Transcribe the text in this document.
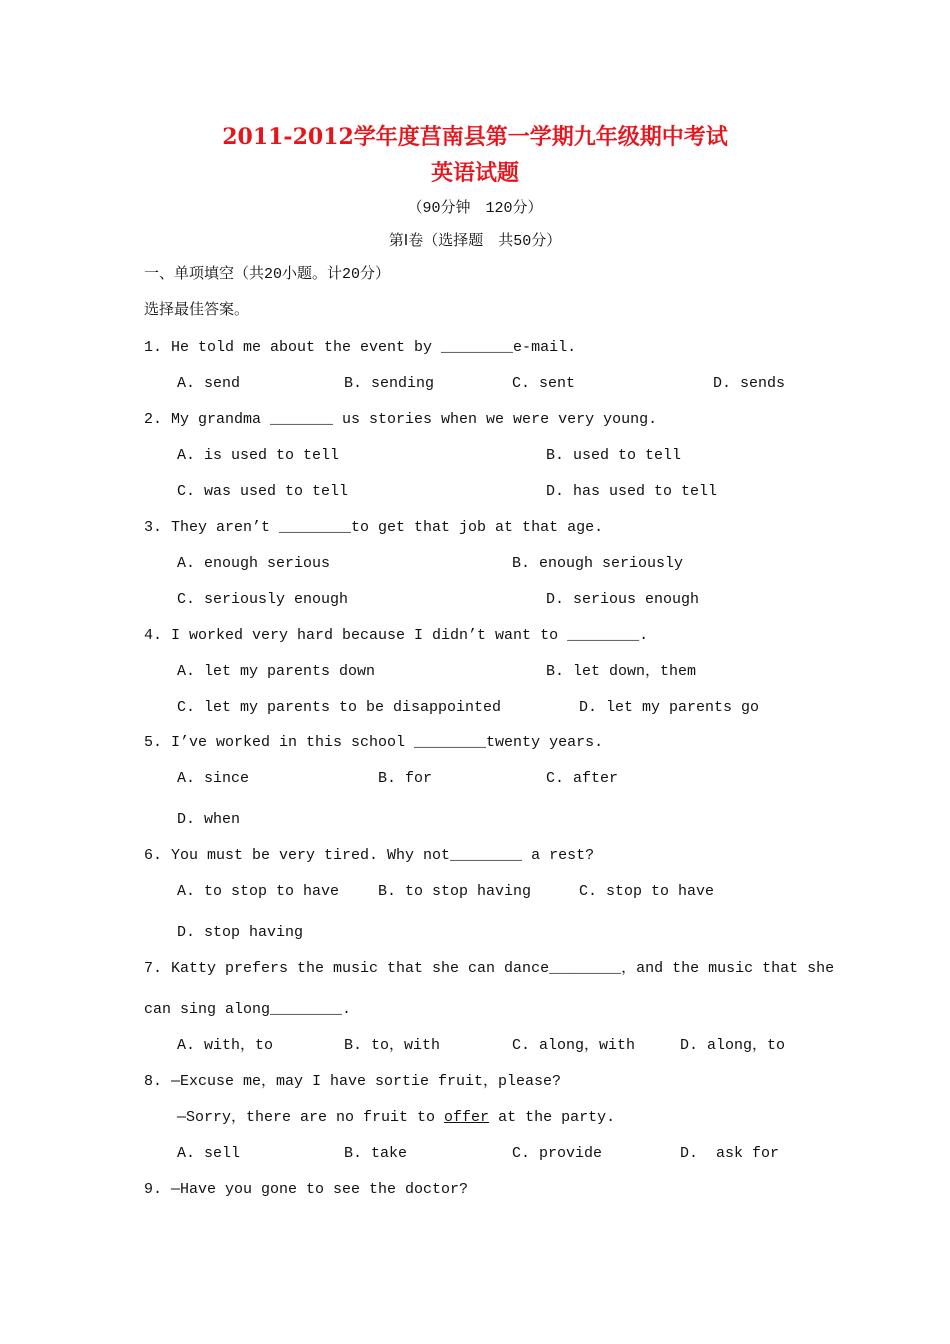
2011-2012学年度莒南县第一学期九年级期中考试
英语试题
（90分钟　120分）
第Ⅰ卷（选择题　共50分）
一、单项填空（共20小题。计20分）
选择最佳答案。
1. He told me about the event by ________e-mail.
A. send	B. sending	C. sent	D. sends
2. My grandma _______ us stories when we were very young.
A. is used to tell	B. used to tell
C. was used to tell	D. has used to tell
3. They aren’t ________to get that job at that age.
A. enough serious	B. enough seriously
C. seriously enough	D. serious enough
4. I worked very hard because I didn’t want to ________.
A. let my parents down	B. let down，them
C. let my parents to be disappointed	D. let my parents go
5. I’ve worked in this school ________twenty years.
A. since	B. for	C. after
D. when
6. You must be very tired. Why not________ a rest?
A. to stop to have	B. to stop having	C. stop to have
D. stop having
7. Katty prefers the music that she can dance________，and the music that she
can sing along________.
A. with，to	B. to，with	C. along，with	D. along，to
8. —Excuse me，may I have sortie fruit，please?
—Sorry，there are no fruit to offer at the party.
A. sell	B. take	C. provide	D.  ask for
9. —Have you gone to see the doctor?
